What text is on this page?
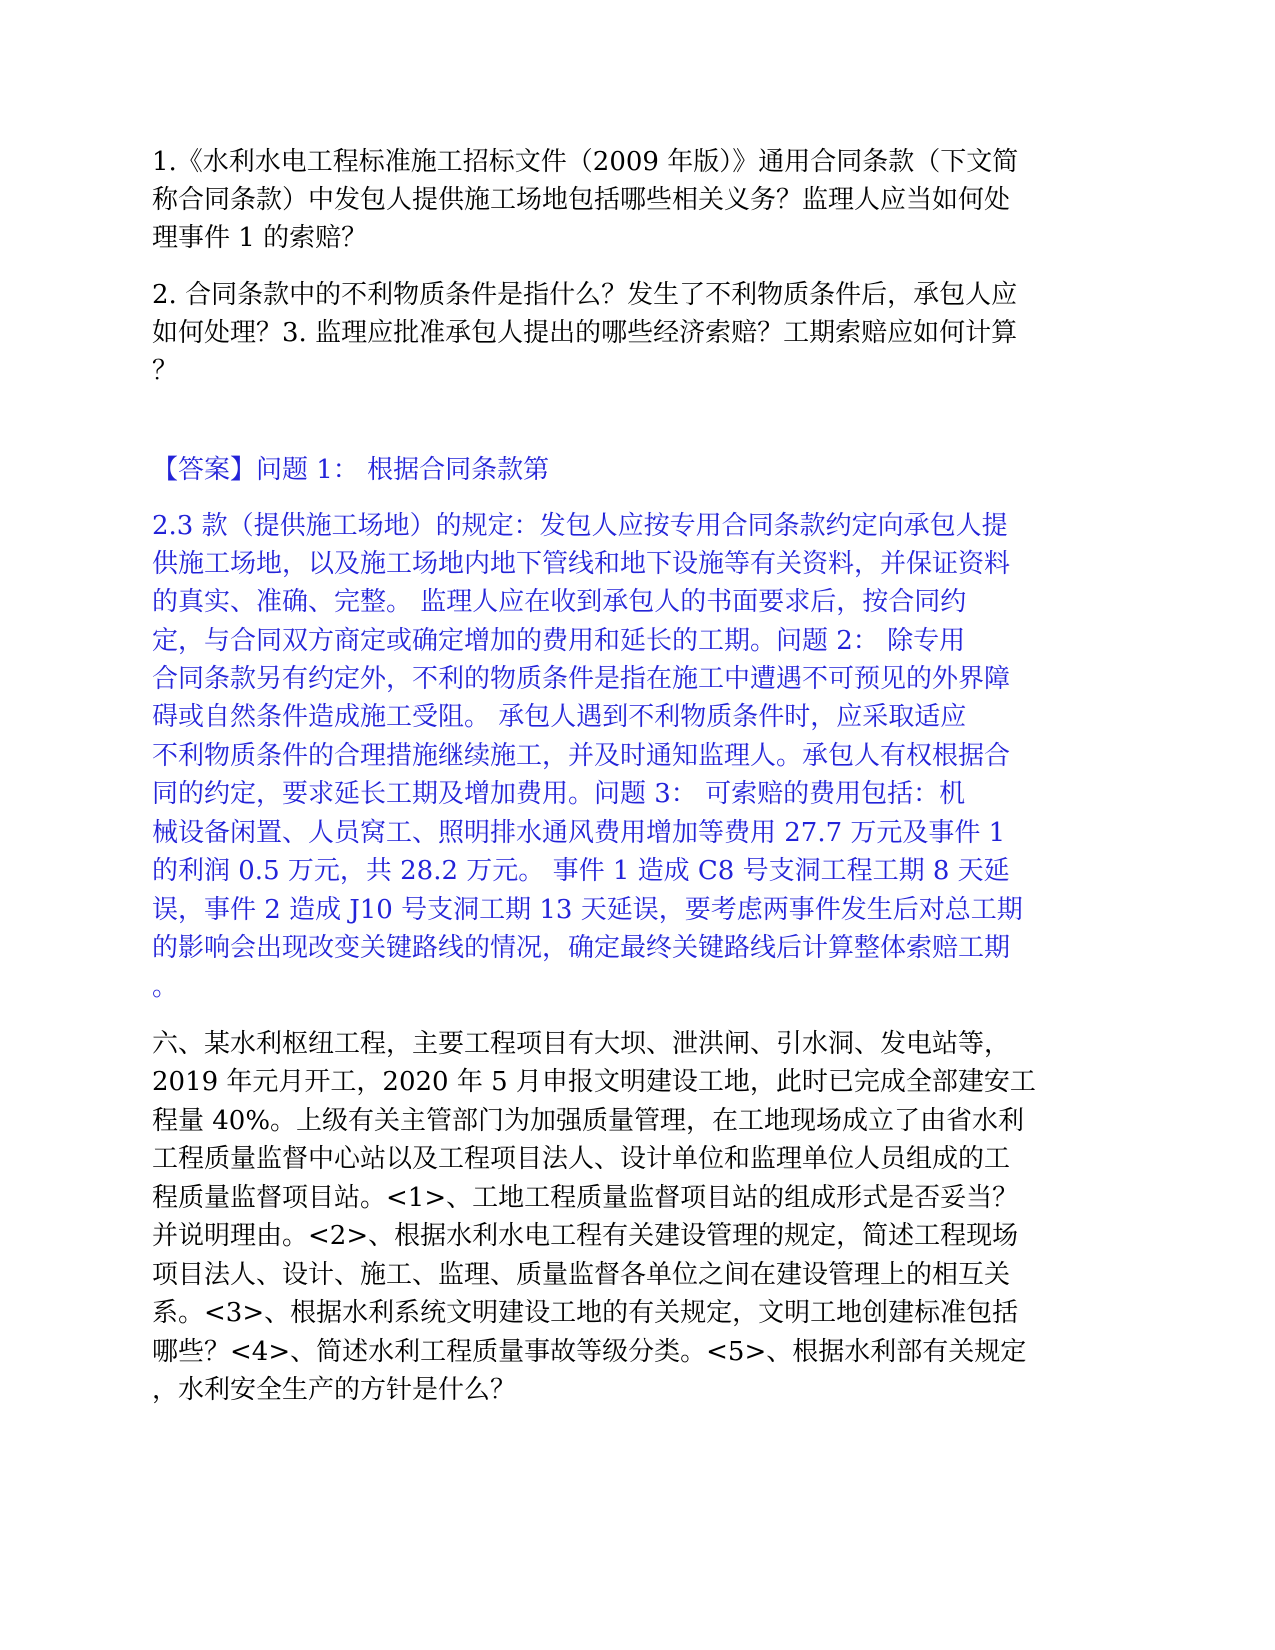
1.《水利水电工程标准施工招标文件（2009 年版）》通用合同条款（下文简
称合同条款）中发包人提供施工场地包括哪些相关义务？监理人应当如何处
理事件 1 的索赔？
2. 合同条款中的不利物质条件是指什么？发生了不利物质条件后，承包人应
如何处理？3. 监理应批准承包人提出的哪些经济索赔？工期索赔应如何计算
？
【答案】问题 1： 根据合同条款第
2.3 款（提供施工场地）的规定：发包人应按专用合同条款约定向承包人提
供施工场地，以及施工场地内地下管线和地下设施等有关资料，并保证资料
的真实、准确、完整。 监理人应在收到承包人的书面要求后，按合同约
定，与合同双方商定或确定增加的费用和延长的工期。问题 2： 除专用
合同条款另有约定外，不利的物质条件是指在施工中遭遇不可预见的外界障
碍或自然条件造成施工受阻。 承包人遇到不利物质条件时，应采取适应
不利物质条件的合理措施继续施工，并及时通知监理人。承包人有权根据合
同的约定，要求延长工期及增加费用。问题 3： 可索赔的费用包括：机
械设备闲置、人员窝工、照明排水通风费用增加等费用 27.7 万元及事件 1
的利润 0.5 万元，共 28.2 万元。 事件 1 造成 C8 号支洞工程工期 8 天延
误，事件 2 造成 J10 号支洞工期 13 天延误，要考虑两事件发生后对总工期
的影响会出现改变关键路线的情况，确定最终关键路线后计算整体索赔工期
。
六、某水利枢纽工程，主要工程项目有大坝、泄洪闸、引水洞、发电站等，
2019 年元月开工，2020 年 5 月申报文明建设工地，此时已完成全部建安工
程量 40%。上级有关主管部门为加强质量管理，在工地现场成立了由省水利
工程质量监督中心站以及工程项目法人、设计单位和监理单位人员组成的工
程质量监督项目站。<1>、工地工程质量监督项目站的组成形式是否妥当？
并说明理由。<2>、根据水利水电工程有关建设管理的规定，简述工程现场
项目法人、设计、施工、监理、质量监督各单位之间在建设管理上的相互关
系。<3>、根据水利系统文明建设工地的有关规定，文明工地创建标准包括
哪些？<4>、简述水利工程质量事故等级分类。<5>、根据水利部有关规定
，水利安全生产的方针是什么？
